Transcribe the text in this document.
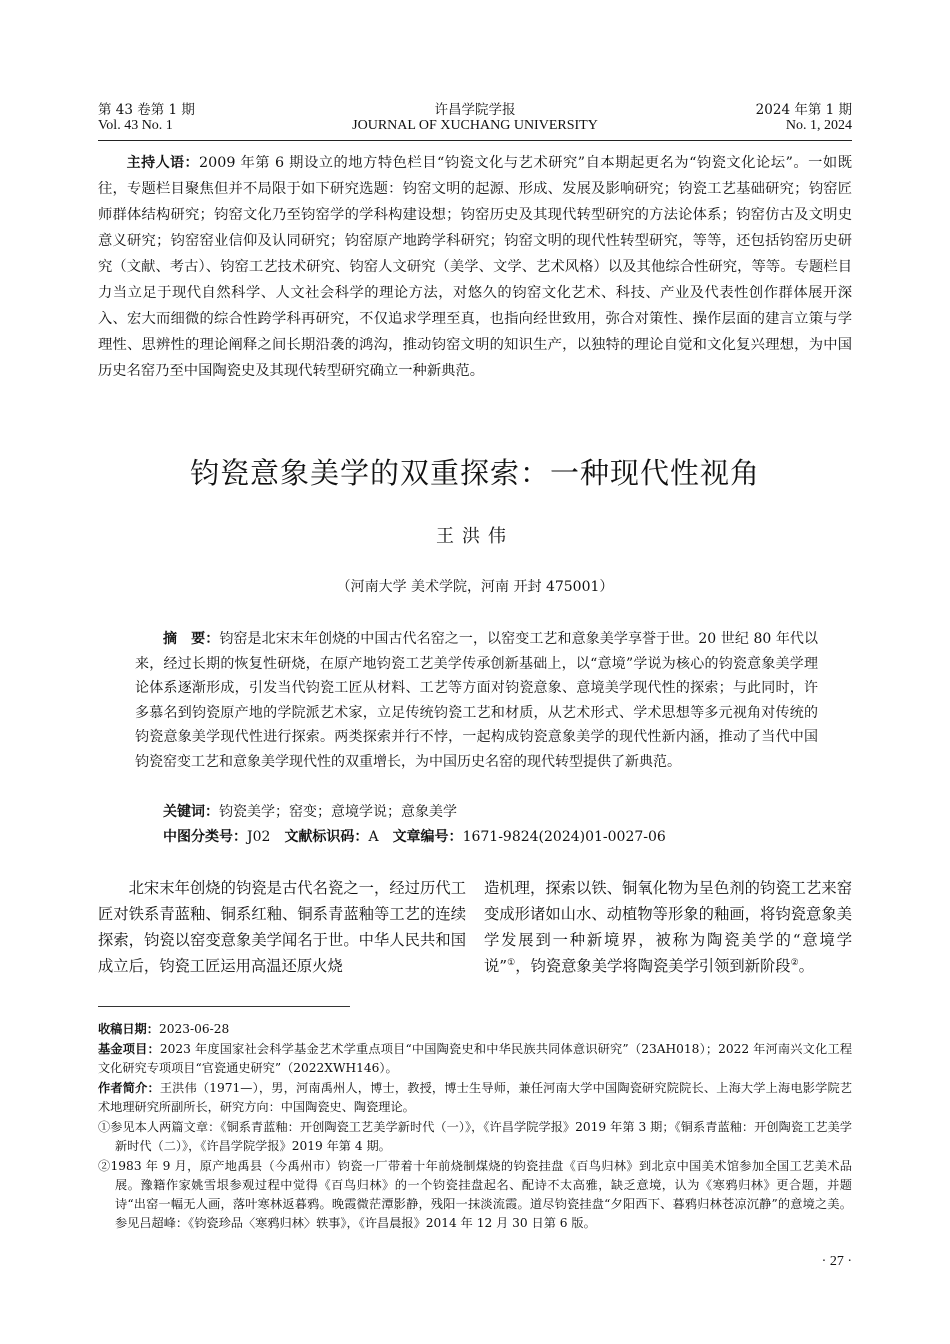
第 43 卷第 1 期	许昌学院学报	2024 年第 1 期
Vol. 43 No. 1	JOURNAL OF XUCHANG UNIVERSITY	No. 1, 2024
主持人语：2009 年第 6 期设立的地方特色栏目“钧瓷文化与艺术研究”自本期起更名为“钧瓷文化论坛”。一如既往，专题栏目聚焦但并不局限于如下研究选题：钧窑文明的起源、形成、发展及影响研究；钧瓷工艺基础研究；钧窑匠师群体结构研究；钧窑文化乃至钧窑学的学科构建设想；钧窑历史及其现代转型研究的方法论体系；钧窑仿古及文明史意义研究；钧窑窑业信仰及认同研究；钧窑原产地跨学科研究；钧窑文明的现代性转型研究，等等，还包括钧窑历史研究（文献、考古）、钧窑工艺技术研究、钧窑人文研究（美学、文学、艺术风格）以及其他综合性研究，等等。专题栏目力当立足于现代自然科学、人文社会科学的理论方法，对悠久的钧窑文化艺术、科技、产业及代表性创作群体展开深入、宏大而细微的综合性跨学科再研究，不仅追求学理至真，也指向经世致用，弥合对策性、操作层面的建言立策与学理性、思辨性的理论阐释之间长期沿袭的鸿沟，推动钧窑文明的知识生产，以独特的理论自觉和文化复兴理想，为中国历史名窑乃至中国陶瓷史及其现代转型研究确立一种新典范。
钧瓷意象美学的双重探索：一种现代性视角
王洪伟
（河南大学 美术学院，河南 开封 475001）
摘　要：钧窑是北宋末年创烧的中国古代名窑之一，以窑变工艺和意象美学享誉于世。20 世纪 80 年代以来，经过长期的恢复性研烧，在原产地钧瓷工艺美学传承创新基础上，以“意境”学说为核心的钧瓷意象美学理论体系逐渐形成，引发当代钧瓷工匠从材料、工艺等方面对钧瓷意象、意境美学现代性的探索；与此同时，许多慕名到钧瓷原产地的学院派艺术家，立足传统钧瓷工艺和材质，从艺术形式、学术思想等多元视角对传统的钧瓷意象美学现代性进行探索。两类探索并行不悖，一起构成钧瓷意象美学的现代性新内涵，推动了当代中国钧瓷窑变工艺和意象美学现代性的双重增长，为中国历史名窑的现代转型提供了新典范。
关键词：钧瓷美学；窑变；意境学说；意象美学
中图分类号：J02 文献标识码：A 文章编号：1671-9824(2024)01-0027-06
北宋末年创烧的钧瓷是古代名瓷之一，经过历代工匠对铁系青蓝釉、铜系红釉、铜系青蓝釉等工艺的连续探索，钧瓷以窑变意象美学闻名于世。中华人民共和国成立后，钧瓷工匠运用高温还原火烧
造机理，探索以铁、铜氧化物为呈色剂的钧瓷工艺来窑变成形诸如山水、动植物等形象的釉画，将钧瓷意象美学发展到一种新境界，被称为陶瓷美学的“意境学说”①，钧瓷意象美学将陶瓷美学引领到新阶段②。
收稿日期：2023-06-28
基金项目：2023 年度国家社会科学基金艺术学重点项目“中国陶瓷史和中华民族共同体意识研究”（23AH018）；2022 年河南兴文化工程文化研究专项项目“官瓷通史研究”（2022XWH146）。
作者简介：王洪伟（1971—），男，河南禹州人，博士，教授，博士生导师，兼任河南大学中国陶瓷研究院院长、上海大学上海电影学院艺术地理研究所副所长，研究方向：中国陶瓷史、陶瓷理论。
①参见本人两篇文章：《铜系青蓝釉：开创陶瓷工艺美学新时代（一）》，《许昌学院学报》2019 年第 3 期；《铜系青蓝釉：开创陶瓷工艺美学新时代（二）》，《许昌学院学报》2019 年第 4 期。
②1983 年 9 月，原产地禹县（今禹州市）钧瓷一厂带着十年前烧制煤烧的钧瓷挂盘《百鸟归林》到北京中国美术馆参加全国工艺美术品展。豫籍作家姚雪垠参观过程中觉得《百鸟归林》的一个钧瓷挂盘起名、配诗不太高雅，缺乏意境，认为《寒鸦归林》更合题，并题诗“出窑一幅无人画，落叶寒林返暮鸦。晚霞微茫潭影静，残阳一抹淡流霞。道尽钧瓷挂盘“夕阳西下、暮鸦归林苍凉沉静”的意境之美。参见吕超峰：《钧瓷珍品〈寒鸦归林〉轶事》，《许昌晨报》2014 年 12 月 30 日第 6 版。
· 27 ·
